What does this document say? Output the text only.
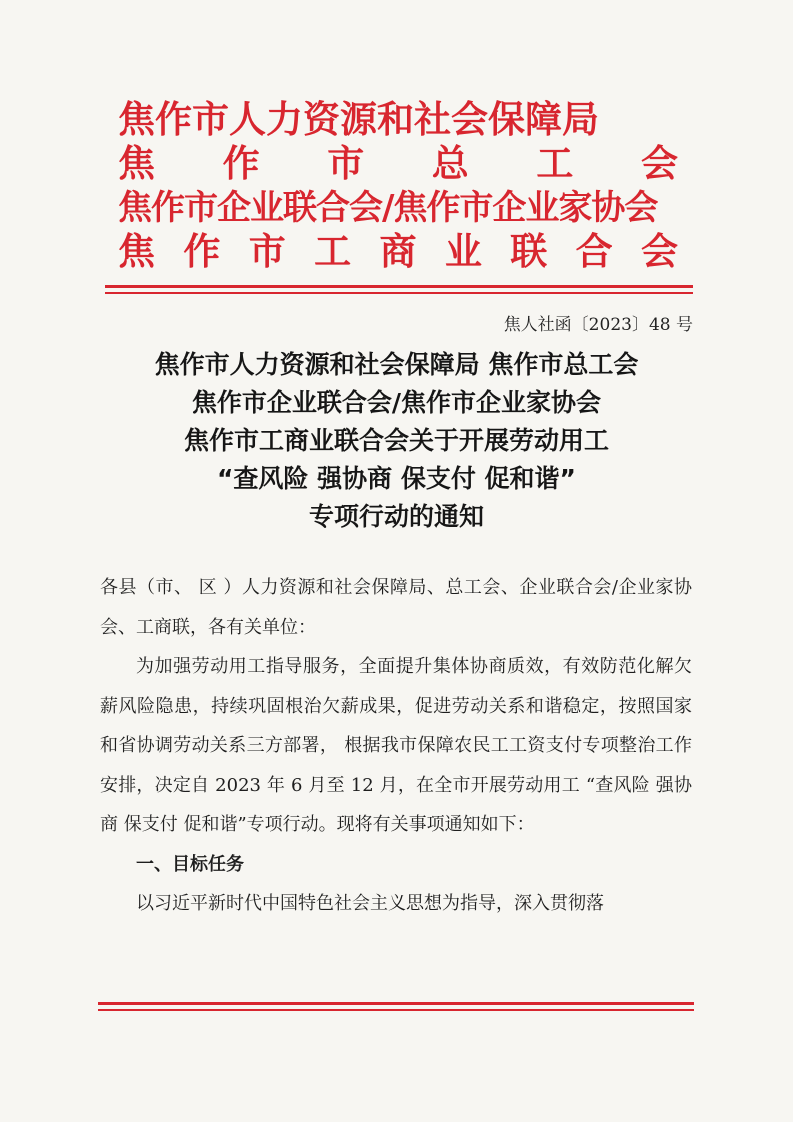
焦作市人力资源和社会保障局
焦 作 市 总 工 会
焦作市企业联合会/焦作市企业家协会
焦 作 市 工 商 业 联 合 会
焦人社函〔2023〕48 号
焦作市人力资源和社会保障局 焦作市总工会
焦作市企业联合会/焦作市企业家协会
焦作市工商业联合会关于开展劳动用工
“查风险 强协商 保支付 促和谐”
专项行动的通知

各县（市、 区 ）人力资源和社会保障局、总工会、企业联合会/企业家协会、工商联，各有关单位：

为加强劳动用工指导服务，全面提升集体协商质效，有效防范化解欠薪风险隐患，持续巩固根治欠薪成果，促进劳动关系和谐稳定，按照国家和省协调劳动关系三方部署， 根据我市保障农民工工资支付专项整治工作安排，决定自 2023 年 6 月至 12 月，在全市开展劳动用工 “查风险 强协商 保支付 促和谐”专项行动。现将有关事项通知如下：

一、目标任务

以习近平新时代中国特色社会主义思想为指导，深入贯彻落
